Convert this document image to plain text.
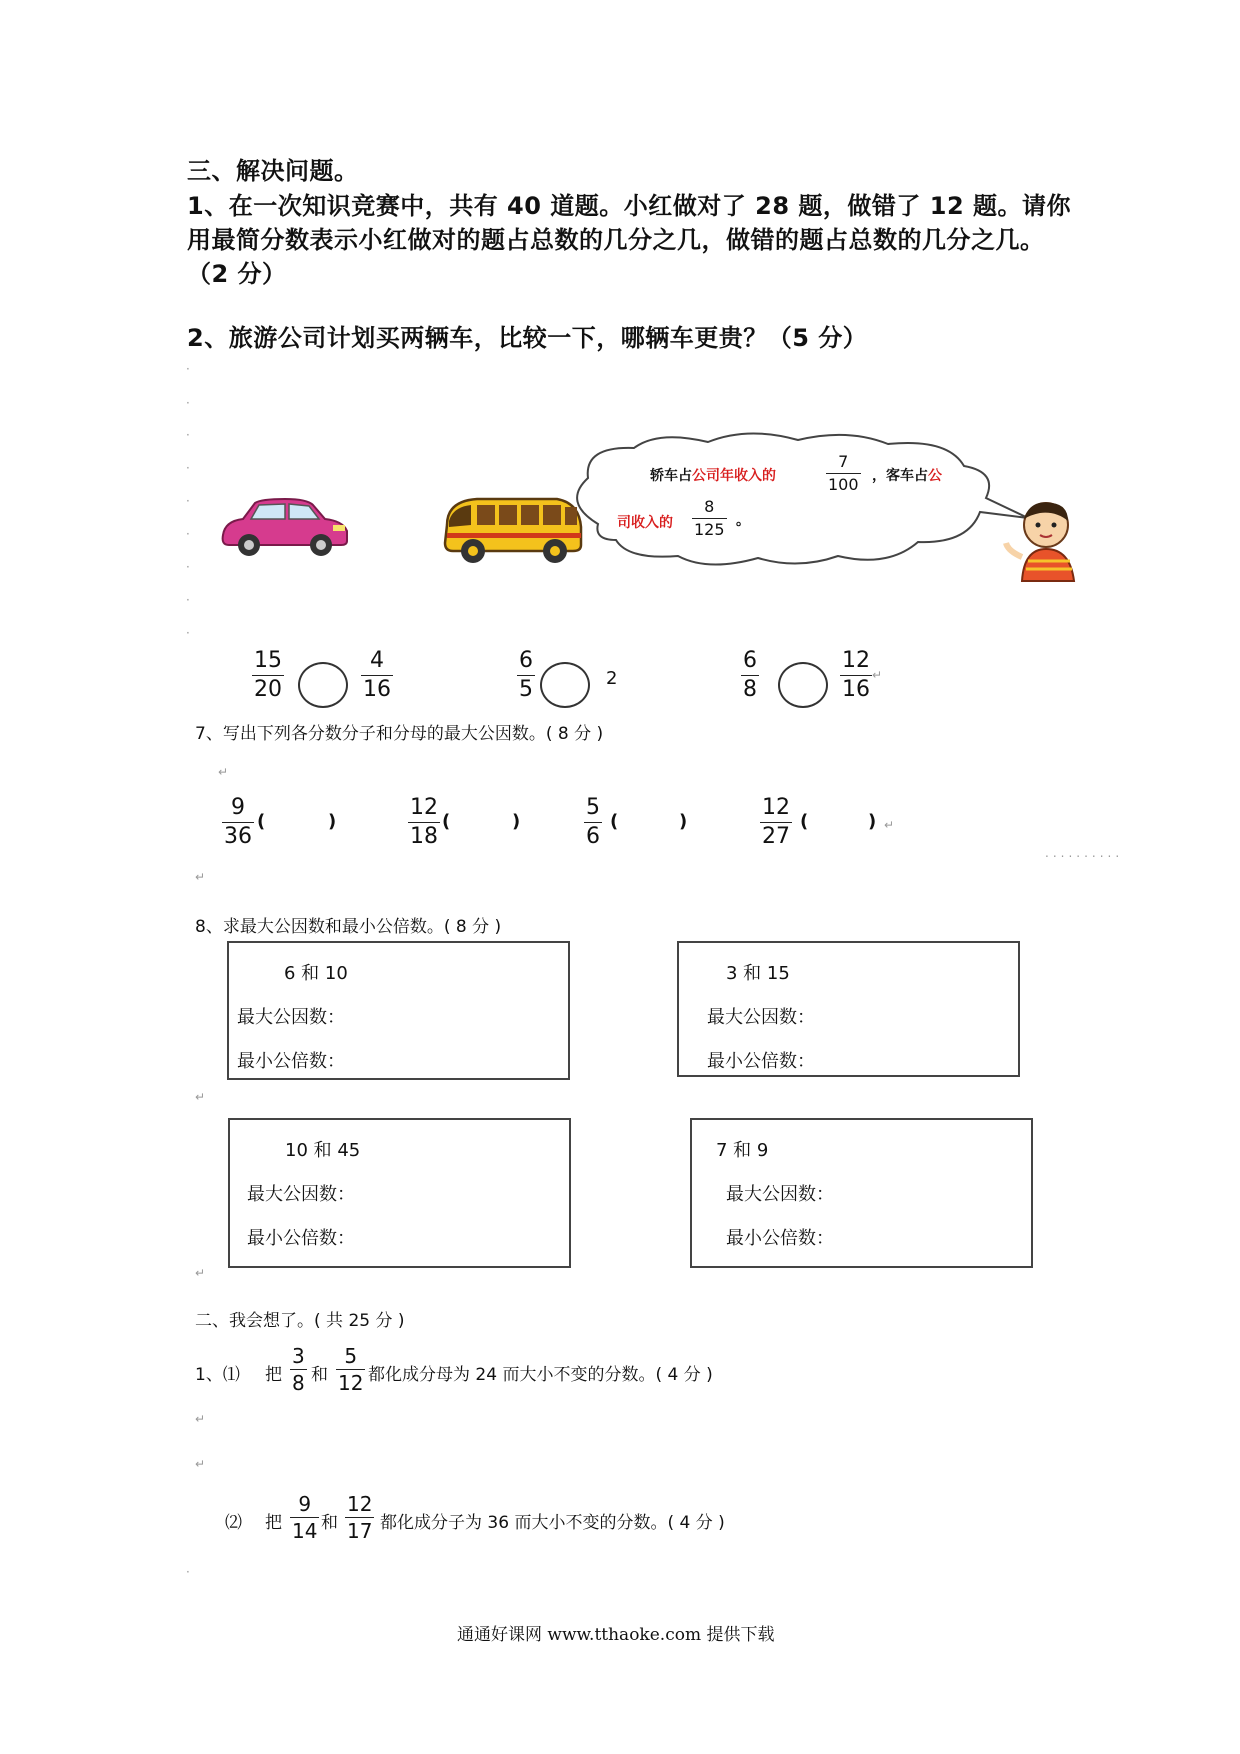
三、解决问题。
1、在一次知识竞赛中，共有 40 道题。小红做对了 28 题，做错了 12 题。请你
用最简分数表示小红做对的题占总数的几分之几，做错的题占总数的几分之几。
（2 分）
2、旅游公司计划买两辆车，比较一下，哪辆车更贵？（5 分）
·
·
·
·
·
·
·
·
·
轿车占公司年收入的	$\frac{7}{100}$ ，客车占公
司收入的 $\frac{8}{125}$ 。
$\frac{15}{20}$	$\frac{4}{16}$	$\frac{6}{5}$	2	$\frac{6}{8}$	$\frac{12}{16}$ ↵
7、写出下列各分数分子和分母的最大公因数。( 8 分 )
↵
$\frac{9}{36}$ (	)	$\frac{12}{18}$ (	)	$\frac{5}{6}$ (	)	$\frac{12}{27}$ (	) ↵
..........
↵
8、求最大公因数和最小公倍数。( 8 分 )
6 和 10
最大公因数：
最小公倍数：
3 和 15
最大公因数：
最小公倍数：
↵
10 和 45
最大公因数：
最小公倍数：
7 和 9
最大公因数：
最小公倍数：
↵
二、我会想了。( 共 25 分 )
1、⑴ 把 $\frac{3}{8}$ 和 $\frac{5}{12}$ 都化成分母为 24 而大小不变的分数。( 4 分 )
↵
↵
⑵ 把 $\frac{9}{14}$ 和 $\frac{12}{17}$ 都化成分子为 36 而大小不变的分数。( 4 分 )
·
通通好课网 www.tthaoke.com 提供下载
